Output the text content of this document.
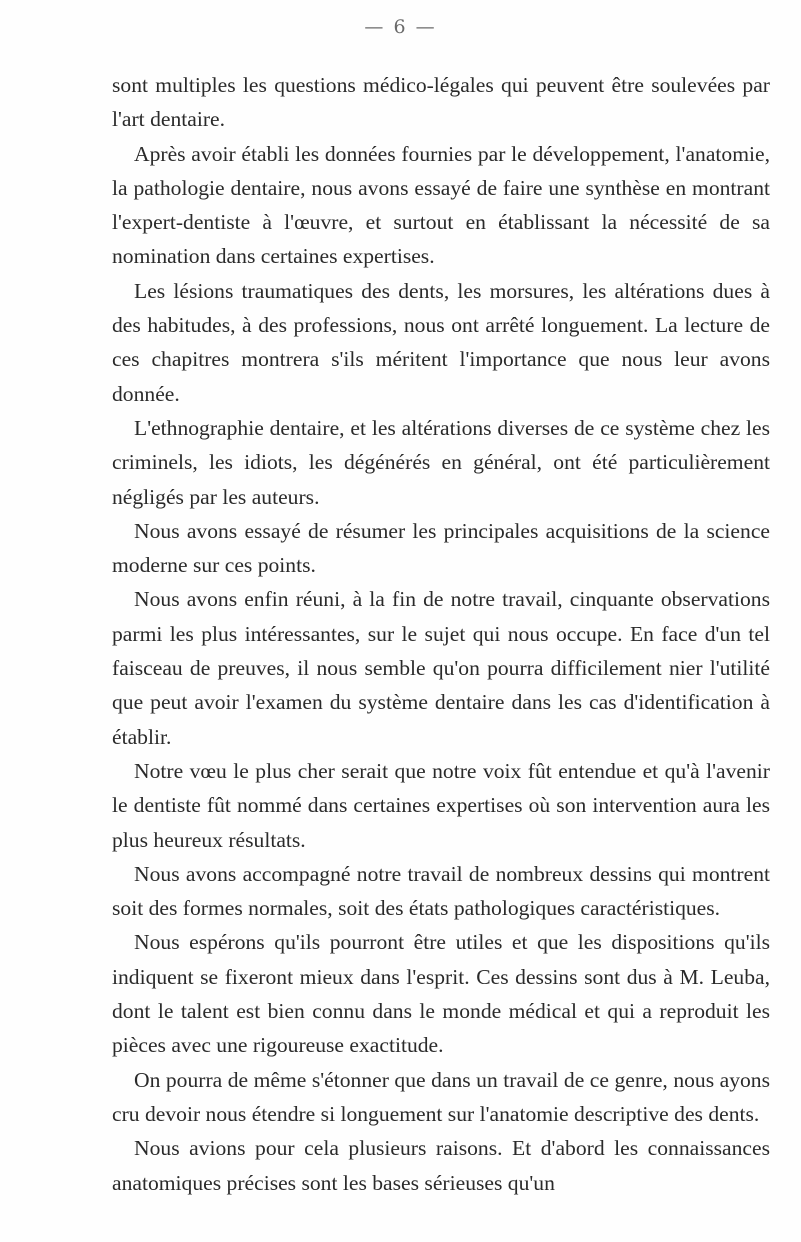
— 6 —

sont multiples les questions médico-légales qui peuvent être soulevées par l'art dentaire.

Après avoir établi les données fournies par le développement, l'anatomie, la pathologie dentaire, nous avons essayé de faire une synthèse en montrant l'expert-dentiste à l'œuvre, et surtout en établissant la nécessité de sa nomination dans certaines expertises.

Les lésions traumatiques des dents, les morsures, les altérations dues à des habitudes, à des professions, nous ont arrêté longuement. La lecture de ces chapitres montrera s'ils méritent l'importance que nous leur avons donnée.

L'ethnographie dentaire, et les altérations diverses de ce système chez les criminels, les idiots, les dégénérés en général, ont été particulièrement négligés par les auteurs.

Nous avons essayé de résumer les principales acquisitions de la science moderne sur ces points.

Nous avons enfin réuni, à la fin de notre travail, cinquante observations parmi les plus intéressantes, sur le sujet qui nous occupe. En face d'un tel faisceau de preuves, il nous semble qu'on pourra difficilement nier l'utilité que peut avoir l'examen du système dentaire dans les cas d'identification à établir.

Notre vœu le plus cher serait que notre voix fût entendue et qu'à l'avenir le dentiste fût nommé dans certaines expertises où son intervention aura les plus heureux résultats.

Nous avons accompagné notre travail de nombreux dessins qui montrent soit des formes normales, soit des états pathologiques caractéristiques.

Nous espérons qu'ils pourront être utiles et que les dispositions qu'ils indiquent se fixeront mieux dans l'esprit. Ces dessins sont dus à M. Leuba, dont le talent est bien connu dans le monde médical et qui a reproduit les pièces avec une rigoureuse exactitude.

On pourra de même s'étonner que dans un travail de ce genre, nous ayons cru devoir nous étendre si longuement sur l'anatomie descriptive des dents.

Nous avions pour cela plusieurs raisons. Et d'abord les connaissances anatomiques précises sont les bases sérieuses qu'un
